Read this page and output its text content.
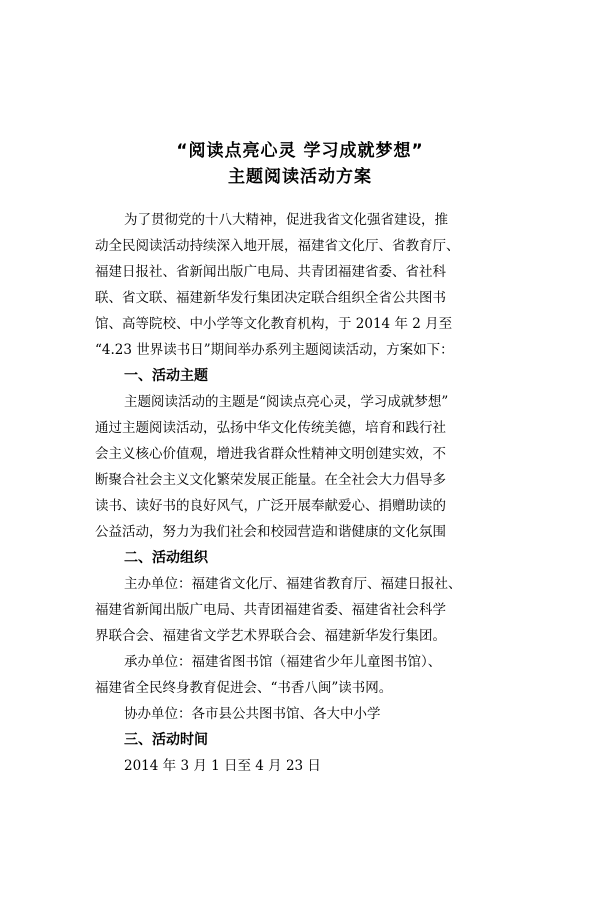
“阅读点亮心灵 学习成就梦想”
主题阅读活动方案
为了贯彻党的十八大精神，促进我省文化强省建设，推
动全民阅读活动持续深入地开展，福建省文化厅、省教育厅、
福建日报社、省新闻出版广电局、共青团福建省委、省社科
联、省文联、福建新华发行集团决定联合组织全省公共图书
馆、高等院校、中小学等文化教育机构，于 2014 年 2 月至
“4.23 世界读书日”期间举办系列主题阅读活动，方案如下：
一、活动主题
主题阅读活动的主题是“阅读点亮心灵，学习成就梦想”
通过主题阅读活动，弘扬中华文化传统美德，培育和践行社
会主义核心价值观，增进我省群众性精神文明创建实效，不
断聚合社会主义文化繁荣发展正能量。在全社会大力倡导多
读书、读好书的良好风气，广泛开展奉献爱心、捐赠助读的
公益活动，努力为我们社会和校园营造和谐健康的文化氛围
二、活动组织
主办单位：福建省文化厅、福建省教育厅、福建日报社、
福建省新闻出版广电局、共青团福建省委、福建省社会科学
界联合会、福建省文学艺术界联合会、福建新华发行集团。
承办单位：福建省图书馆（福建省少年儿童图书馆）、
福建省全民终身教育促进会、“书香八闽”读书网。
协办单位：各市县公共图书馆、各大中小学
三、活动时间
2014 年 3 月 1 日至 4 月 23 日
